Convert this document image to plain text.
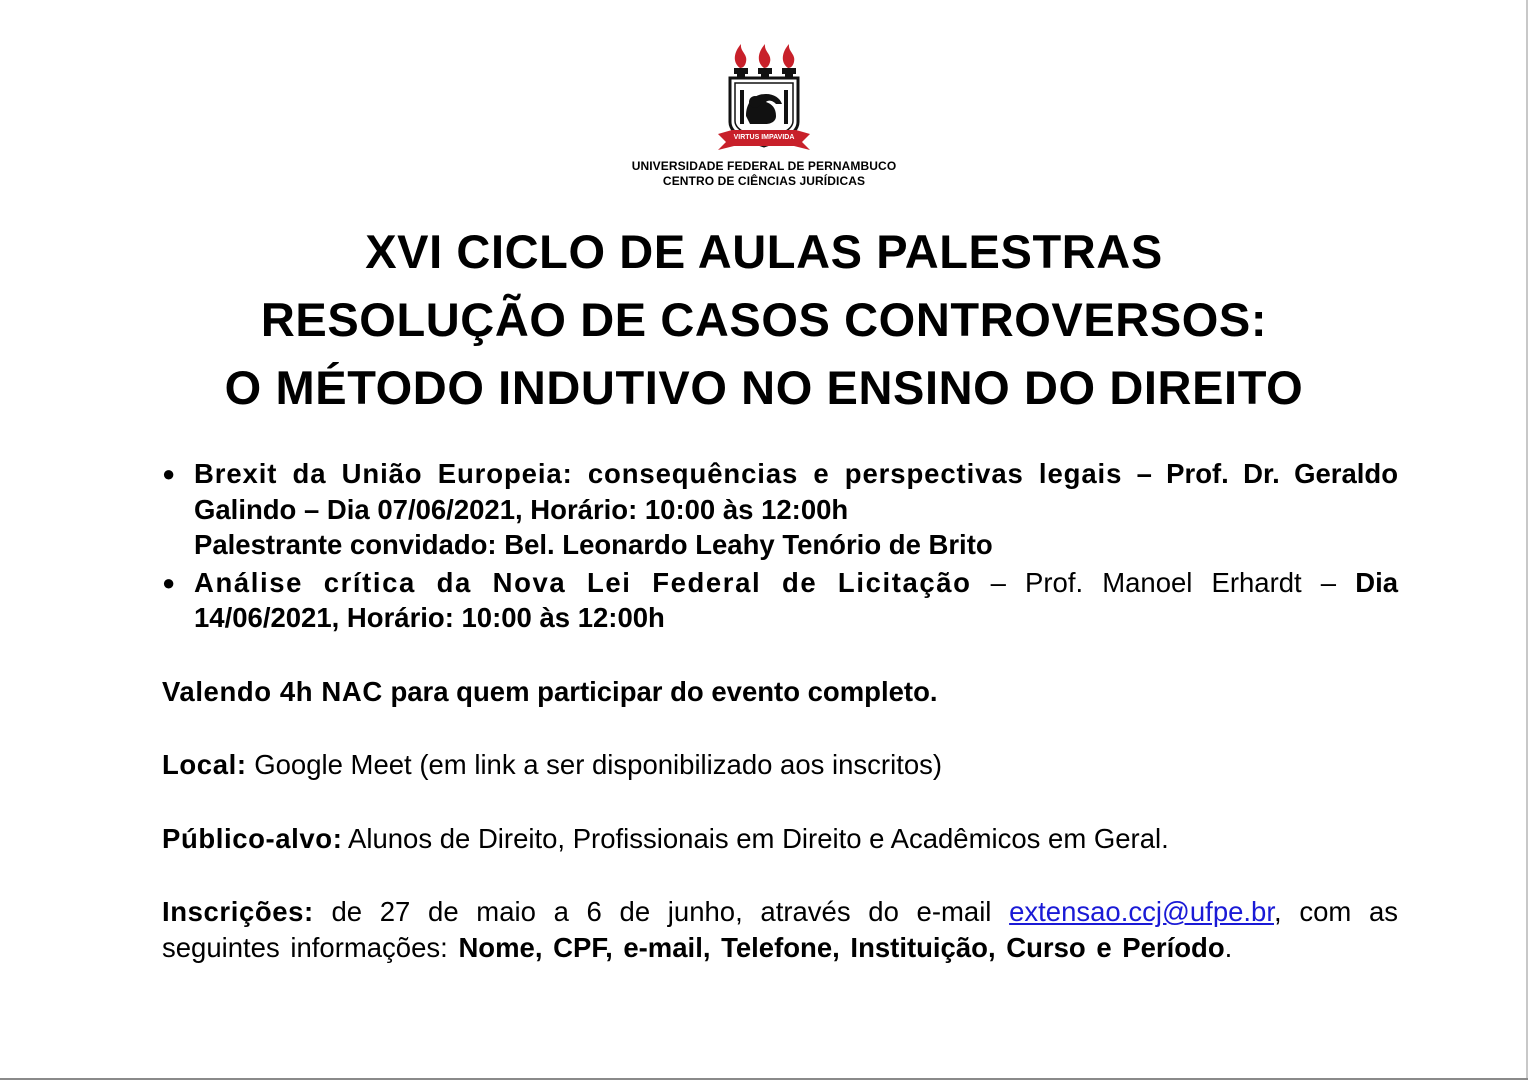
VIRTUS IMPAVIDA
UNIVERSIDADE FEDERAL DE PERNAMBUCO
CENTRO DE CIÊNCIAS JURÍDICAS
XVI CICLO DE AULAS PALESTRAS
RESOLUÇÃO DE CASOS CONTROVERSOS:
O MÉTODO INDUTIVO NO ENSINO DO DIREITO
● Brexit da União Europeia: consequências e perspectivas legais – Prof. Dr. Geraldo Galindo – Dia 07/06/2021, Horário: 10:00 às 12:00h
Palestrante convidado: Bel. Leonardo Leahy Tenório de Brito
● Análise crítica da Nova Lei Federal de Licitação – Prof. Manoel Erhardt – Dia 14/06/2021, Horário: 10:00 às 12:00h
Valendo 4h NAC para quem participar do evento completo.
Local: Google Meet (em link a ser disponibilizado aos inscritos)
Público-alvo: Alunos de Direito, Profissionais em Direito e Acadêmicos em Geral.
Inscrições: de 27 de maio a 6 de junho, através do e-mail extensao.ccj@ufpe.br, com as seguintes informações: Nome, CPF, e-mail, Telefone, Instituição, Curso e Período.
